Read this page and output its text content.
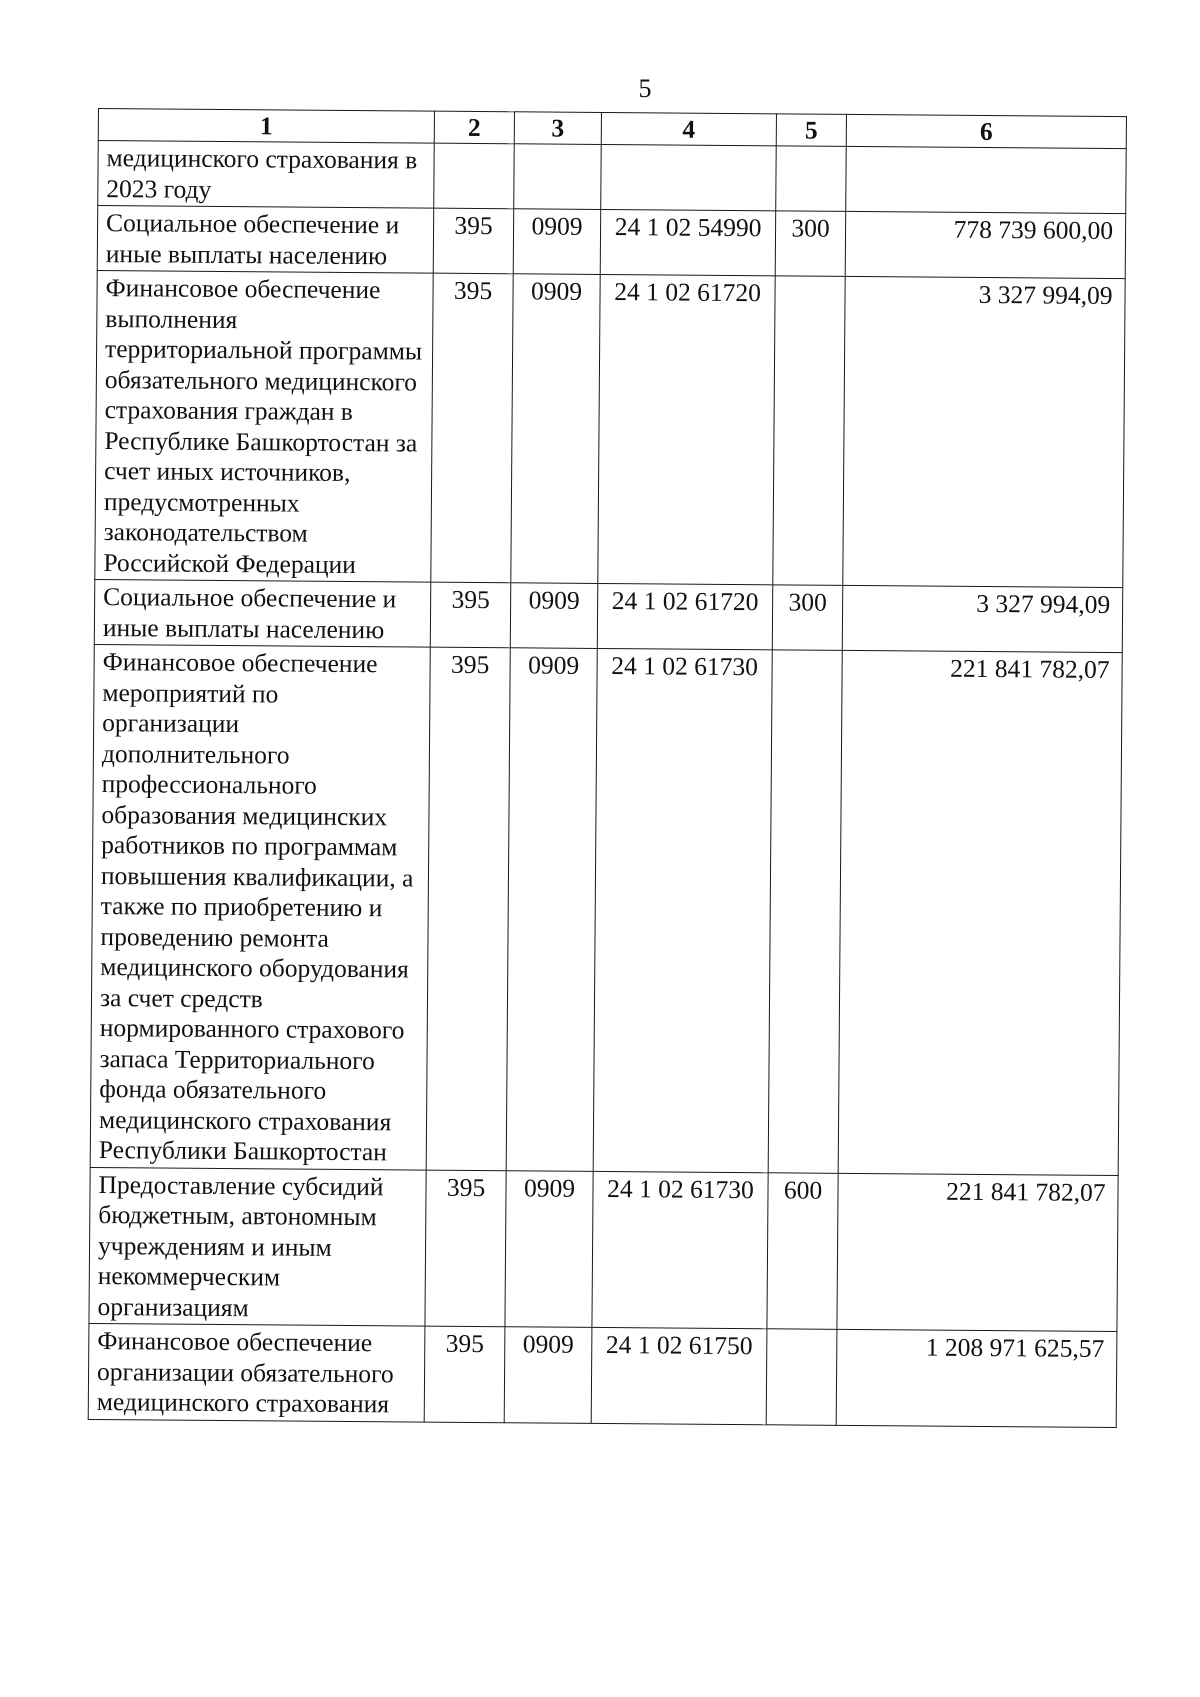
5
1	2	3	4	5	6
медицинского страхования в 2023 году					
Социальное обеспечение и иные выплаты населению	395	0909	24 1 02 54990	300	778 739 600,00
Финансовое обеспечение выполнения территориальной программы обязательного медицинского страхования граждан в Республике Башкортостан за счет иных источников, предусмотренных законодательством Российской Федерации	395	0909	24 1 02 61720		3 327 994,09
Социальное обеспечение и иные выплаты населению	395	0909	24 1 02 61720	300	3 327 994,09
Финансовое обеспечение мероприятий по организации дополнительного профессионального образования медицинских работников по программам повышения квалификации, а также по приобретению и проведению ремонта медицинского оборудования за счет средств нормированного страхового запаса Территориального фонда обязательного медицинского страхования Республики Башкортостан	395	0909	24 1 02 61730		221 841 782,07
Предоставление субсидий бюджетным, автономным учреждениям и иным некоммерческим организациям	395	0909	24 1 02 61730	600	221 841 782,07
Финансовое обеспечение организации обязательного медицинского страхования	395	0909	24 1 02 61750		1 208 971 625,57
